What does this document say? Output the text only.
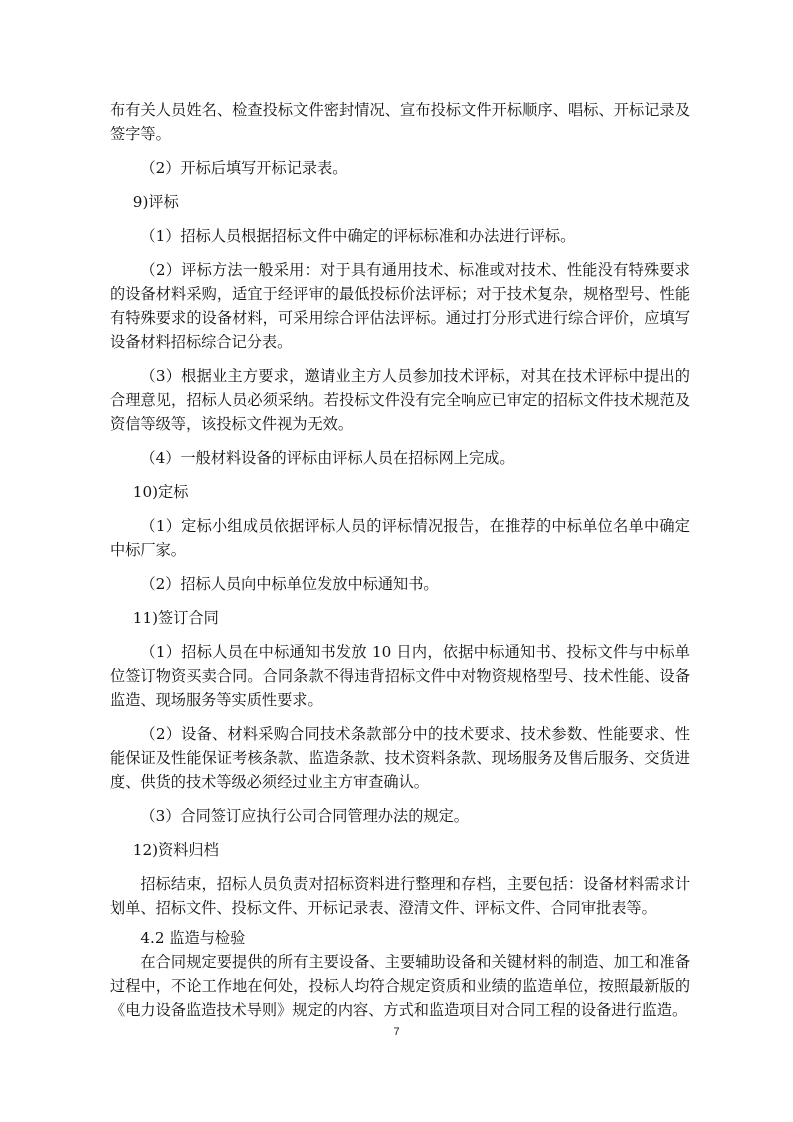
布有关人员姓名、检查投标文件密封情况、宣布投标文件开标顺序、唱标、开标记录及签字等。

（2）开标后填写开标记录表。

9)评标

（1）招标人员根据招标文件中确定的评标标准和办法进行评标。

（2）评标方法一般采用：对于具有通用技术、标准或对技术、性能没有特殊要求的设备材料采购，适宜于经评审的最低投标价法评标；对于技术复杂，规格型号、性能有特殊要求的设备材料，可采用综合评估法评标。通过打分形式进行综合评价，应填写设备材料招标综合记分表。

（3）根据业主方要求，邀请业主方人员参加技术评标，对其在技术评标中提出的合理意见，招标人员必须采纳。若投标文件没有完全响应已审定的招标文件技术规范及资信等级等，该投标文件视为无效。

（4）一般材料设备的评标由评标人员在招标网上完成。

10)定标

（1）定标小组成员依据评标人员的评标情况报告，在推荐的中标单位名单中确定中标厂家。

（2）招标人员向中标单位发放中标通知书。

11)签订合同

（1）招标人员在中标通知书发放 10 日内，依据中标通知书、投标文件与中标单位签订物资买卖合同。合同条款不得违背招标文件中对物资规格型号、技术性能、设备监造、现场服务等实质性要求。

（2）设备、材料采购合同技术条款部分中的技术要求、技术参数、性能要求、性能保证及性能保证考核条款、监造条款、技术资料条款、现场服务及售后服务、交货进度、供货的技术等级必须经过业主方审查确认。

（3）合同签订应执行公司合同管理办法的规定。

12)资料归档

招标结束，招标人员负责对招标资料进行整理和存档，主要包括：设备材料需求计划单、招标文件、投标文件、开标记录表、澄清文件、评标文件、合同审批表等。

4.2 监造与检验

在合同规定要提供的所有主要设备、主要辅助设备和关键材料的制造、加工和准备过程中，不论工作地在何处，投标人均符合规定资质和业绩的监造单位，按照最新版的《电力设备监造技术导则》规定的内容、方式和监造项目对合同工程的设备进行监造。

7
